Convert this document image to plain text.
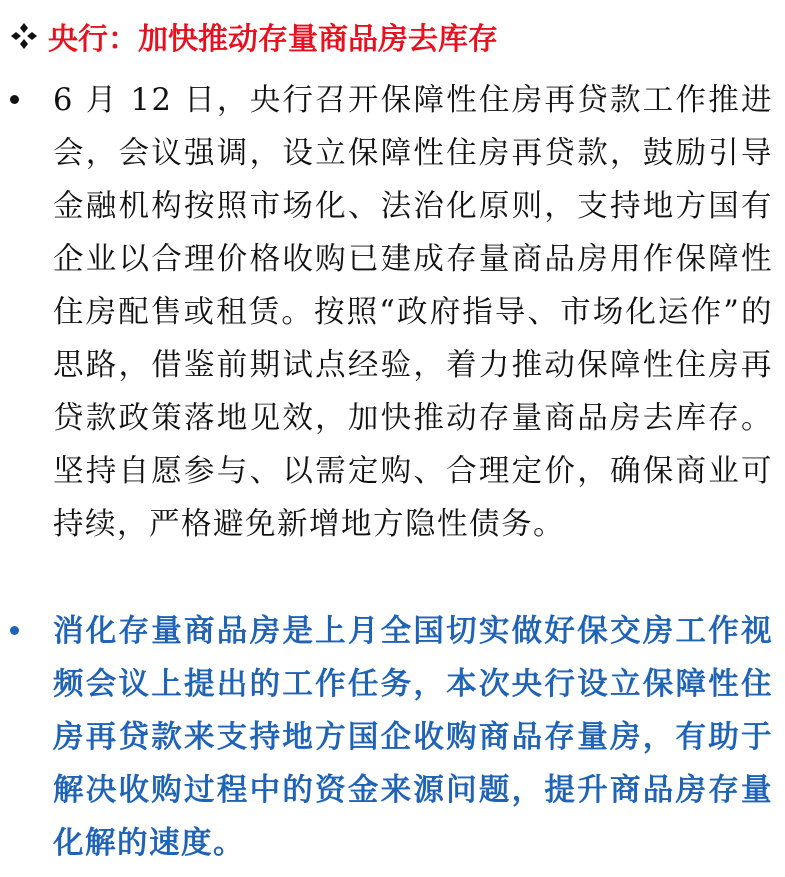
央行：加快推动存量商品房去库存
6 月 12 日，央行召开保障性住房再贷款工作推进会，会议强调，设立保障性住房再贷款，鼓励引导金融机构按照市场化、法治化原则，支持地方国有企业以合理价格收购已建成存量商品房用作保障性住房配售或租赁。按照“政府指导、市场化运作”的思路，借鉴前期试点经验，着力推动保障性住房再贷款政策落地见效，加快推动存量商品房去库存。坚持自愿参与、以需定购、合理定价，确保商业可持续，严格避免新增地方隐性债务。
消化存量商品房是上月全国切实做好保交房工作视频会议上提出的工作任务，本次央行设立保障性住房再贷款来支持地方国企收购商品存量房，有助于解决收购过程中的资金来源问题，提升商品房存量化解的速度。
